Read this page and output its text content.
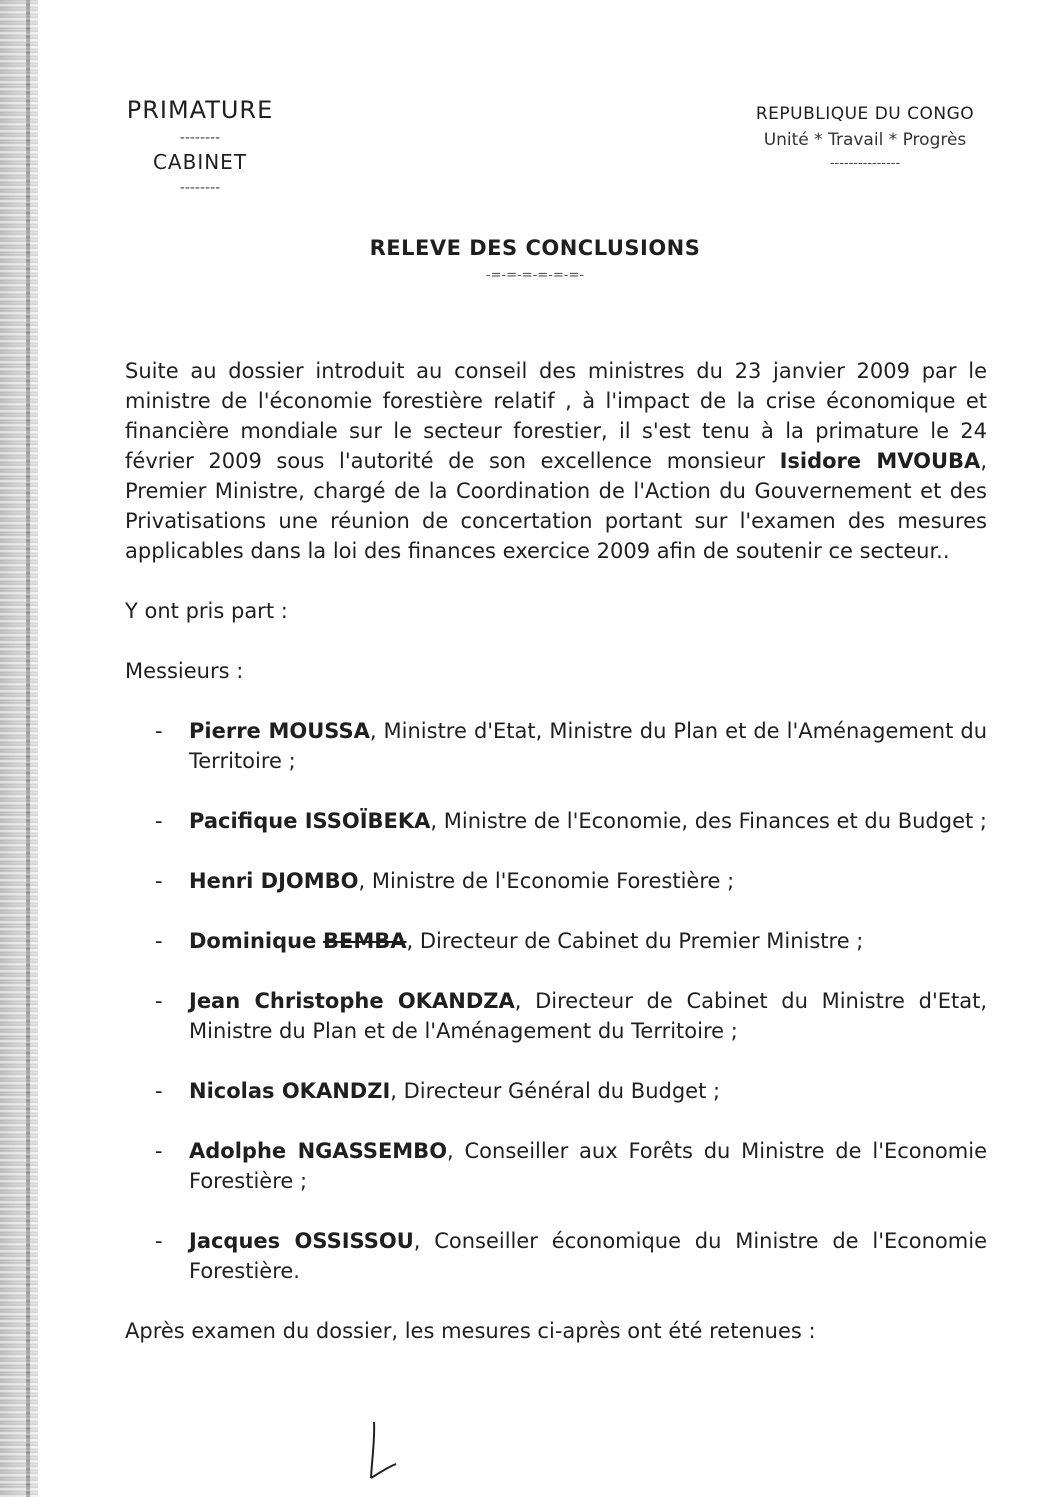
PRIMATURE
--------
CABINET
--------
REPUBLIQUE DU CONGO
Unité * Travail * Progrès
---------------
RELEVE DES CONCLUSIONS
-=-=-=-=-=-=-

Suite au dossier introduit au conseil des ministres du 23 janvier 2009 par le ministre de l'économie forestière relatif , à l'impact de la crise économique et financière mondiale sur le secteur forestier, il s'est tenu à la primature le 24 février 2009 sous l'autorité de son excellence monsieur Isidore MVOUBA, Premier Ministre, chargé de la Coordination de l'Action du Gouvernement et des Privatisations une réunion de concertation portant sur l'examen des mesures applicables dans la loi des finances exercice 2009 afin de soutenir ce secteur..

Y ont pris part :

Messieurs :

- Pierre MOUSSA, Ministre d'Etat, Ministre du Plan et de l'Aménagement du Territoire ;
- Pacifique ISSOÏBEKA, Ministre de l'Economie, des Finances et du Budget ;
- Henri DJOMBO, Ministre de l'Economie Forestière ;
- Dominique BEMBA, Directeur de Cabinet du Premier Ministre ;
- Jean Christophe OKANDZA, Directeur de Cabinet du Ministre d'Etat, Ministre du Plan et de l'Aménagement du Territoire ;
- Nicolas OKANDZI, Directeur Général du Budget ;
- Adolphe NGASSEMBO, Conseiller aux Forêts du Ministre de l'Economie Forestière ;
- Jacques OSSISSOU, Conseiller économique du Ministre de l'Economie Forestière.

Après examen du dossier, les mesures ci-après ont été retenues :
